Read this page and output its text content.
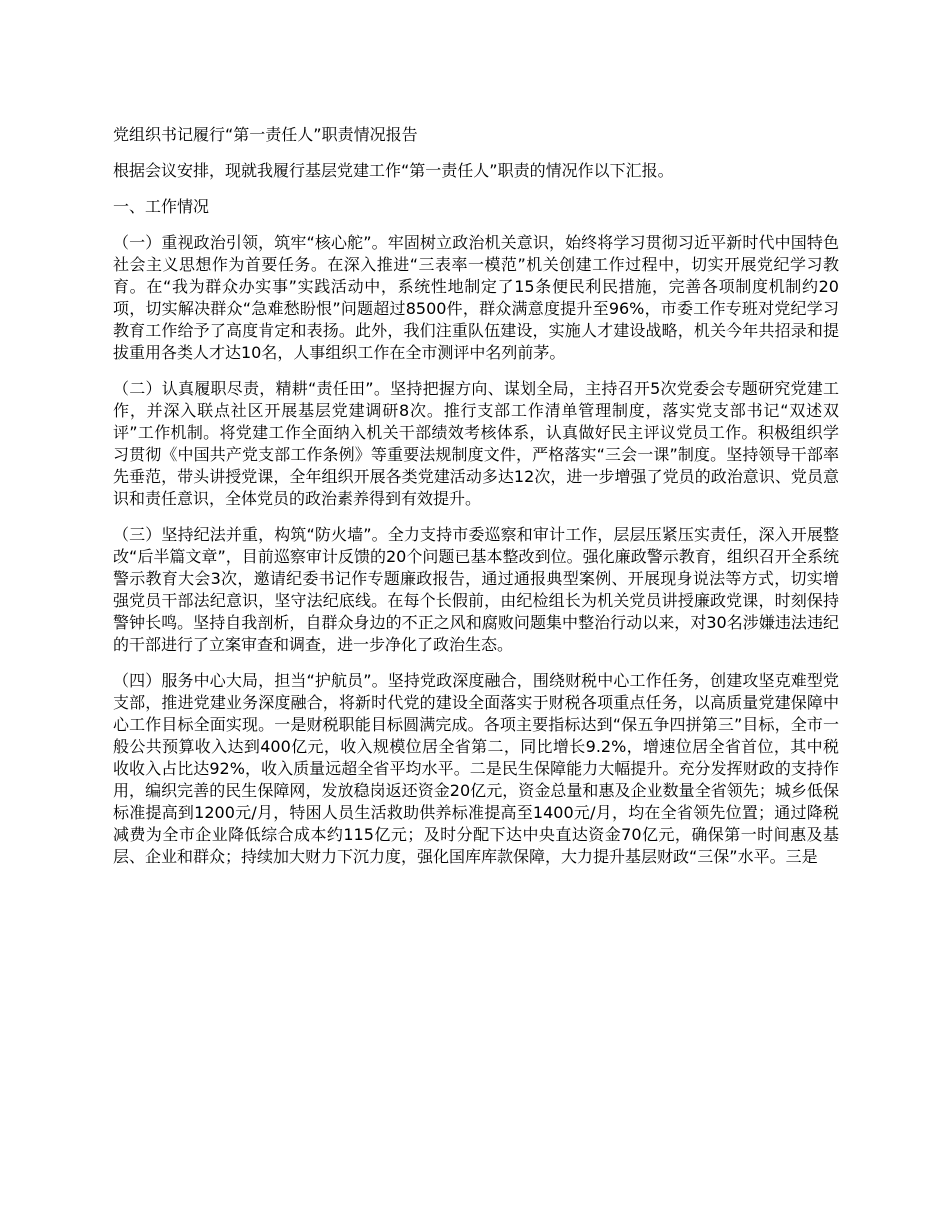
党组织书记履行“第一责任人”职责情况报告

根据会议安排，现就我履行基层党建工作“第一责任人”职责的情况作以下汇报。

一、工作情况

（一）重视政治引领，筑牢“核心舵”。牢固树立政治机关意识，始终将学习贯彻习近平新时代中国特色社会主义思想作为首要任务。在深入推进“三表率一模范”机关创建工作过程中，切实开展党纪学习教育。在“我为群众办实事”实践活动中，系统性地制定了15条便民利民措施，完善各项制度机制约20项，切实解决群众“急难愁盼恨”问题超过8500件，群众满意度提升至96%，市委工作专班对党纪学习教育工作给予了高度肯定和表扬。此外，我们注重队伍建设，实施人才建设战略，机关今年共招录和提拔重用各类人才达10名，人事组织工作在全市测评中名列前茅。

（二）认真履职尽责，精耕“责任田”。坚持把握方向、谋划全局，主持召开5次党委会专题研究党建工作，并深入联点社区开展基层党建调研8次。推行支部工作清单管理制度，落实党支部书记“双述双评”工作机制。将党建工作全面纳入机关干部绩效考核体系，认真做好民主评议党员工作。积极组织学习贯彻《中国共产党支部工作条例》等重要法规制度文件，严格落实“三会一课”制度。坚持领导干部率先垂范，带头讲授党课，全年组织开展各类党建活动多达12次，进一步增强了党员的政治意识、党员意识和责任意识，全体党员的政治素养得到有效提升。

（三）坚持纪法并重，构筑“防火墙”。全力支持市委巡察和审计工作，层层压紧压实责任，深入开展整改“后半篇文章”，目前巡察审计反馈的20个问题已基本整改到位。强化廉政警示教育，组织召开全系统警示教育大会3次，邀请纪委书记作专题廉政报告，通过通报典型案例、开展现身说法等方式，切实增强党员干部法纪意识，坚守法纪底线。在每个长假前，由纪检组长为机关党员讲授廉政党课，时刻保持警钟长鸣。坚持自我剖析，自群众身边的不正之风和腐败问题集中整治行动以来，对30名涉嫌违法违纪的干部进行了立案审查和调查，进一步净化了政治生态。

（四）服务中心大局，担当“护航员”。坚持党政深度融合，围绕财税中心工作任务，创建攻坚克难型党支部，推进党建业务深度融合，将新时代党的建设全面落实于财税各项重点任务，以高质量党建保障中心工作目标全面实现。一是财税职能目标圆满完成。各项主要指标达到“保五争四拼第三”目标，全市一般公共预算收入达到400亿元，收入规模位居全省第二，同比增长9.2%，增速位居全省首位，其中税收收入占比达92%，收入质量远超全省平均水平。二是民生保障能力大幅提升。充分发挥财政的支持作用，编织完善的民生保障网，发放稳岗返还资金20亿元，资金总量和惠及企业数量全省领先；城乡低保标准提高到1200元/月，特困人员生活救助供养标准提高至1400元/月，均在全省领先位置；通过降税减费为全市企业降低综合成本约115亿元；及时分配下达中央直达资金70亿元，确保第一时间惠及基层、企业和群众；持续加大财力下沉力度，强化国库库款保障，大力提升基层财政“三保”水平。三是
